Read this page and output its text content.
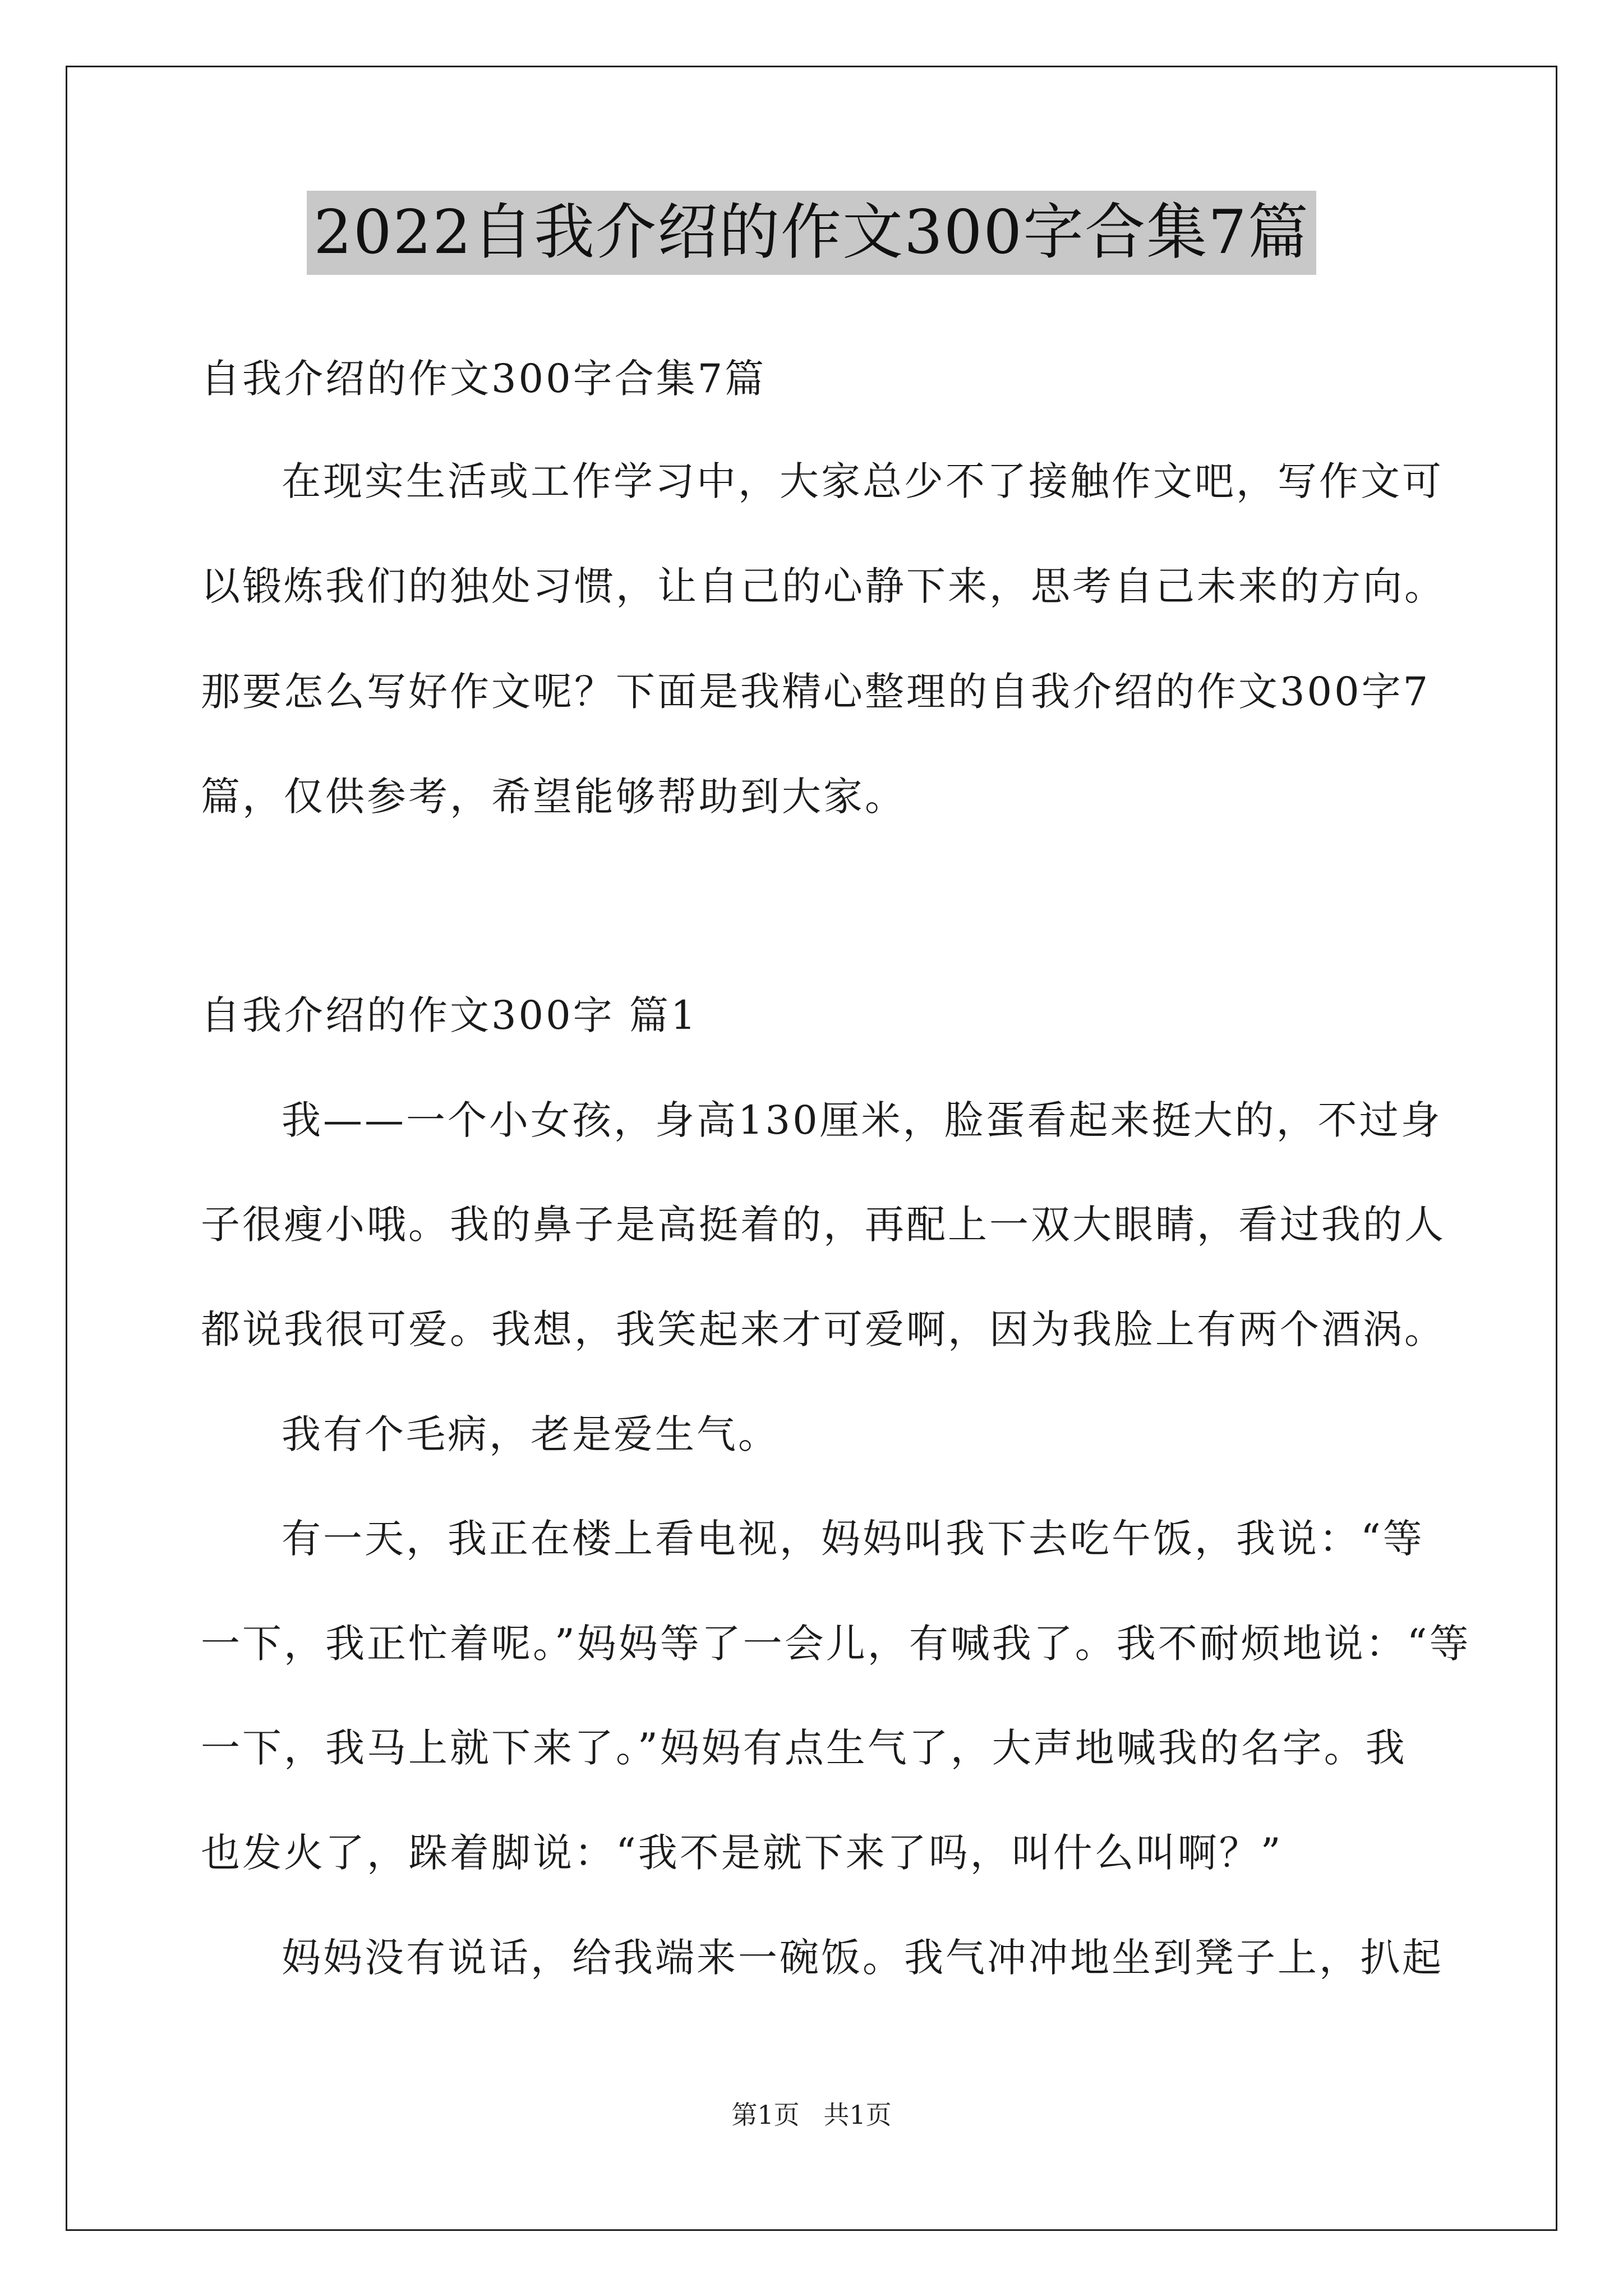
2022自我介绍的作文300字合集7篇
自我介绍的作文300字合集7篇
在现实生活或工作学习中，大家总少不了接触作文吧，写作文可
以锻炼我们的独处习惯，让自己的心静下来，思考自己未来的方向。
那要怎么写好作文呢？下面是我精心整理的自我介绍的作文300字7
篇，仅供参考，希望能够帮助到大家。
自我介绍的作文300字 篇1
我——一个小女孩，身高130厘米，脸蛋看起来挺大的，不过身
子很瘦小哦。我的鼻子是高挺着的，再配上一双大眼睛，看过我的人
都说我很可爱。我想，我笑起来才可爱啊，因为我脸上有两个酒涡。
我有个毛病，老是爱生气。
有一天，我正在楼上看电视，妈妈叫我下去吃午饭，我说：“等
一下，我正忙着呢。”妈妈等了一会儿，有喊我了。我不耐烦地说：“等
一下，我马上就下来了。”妈妈有点生气了，大声地喊我的名字。我
也发火了，跺着脚说：“我不是就下来了吗，叫什么叫啊？”
妈妈没有说话，给我端来一碗饭。我气冲冲地坐到凳子上，扒起
第1页 共1页
